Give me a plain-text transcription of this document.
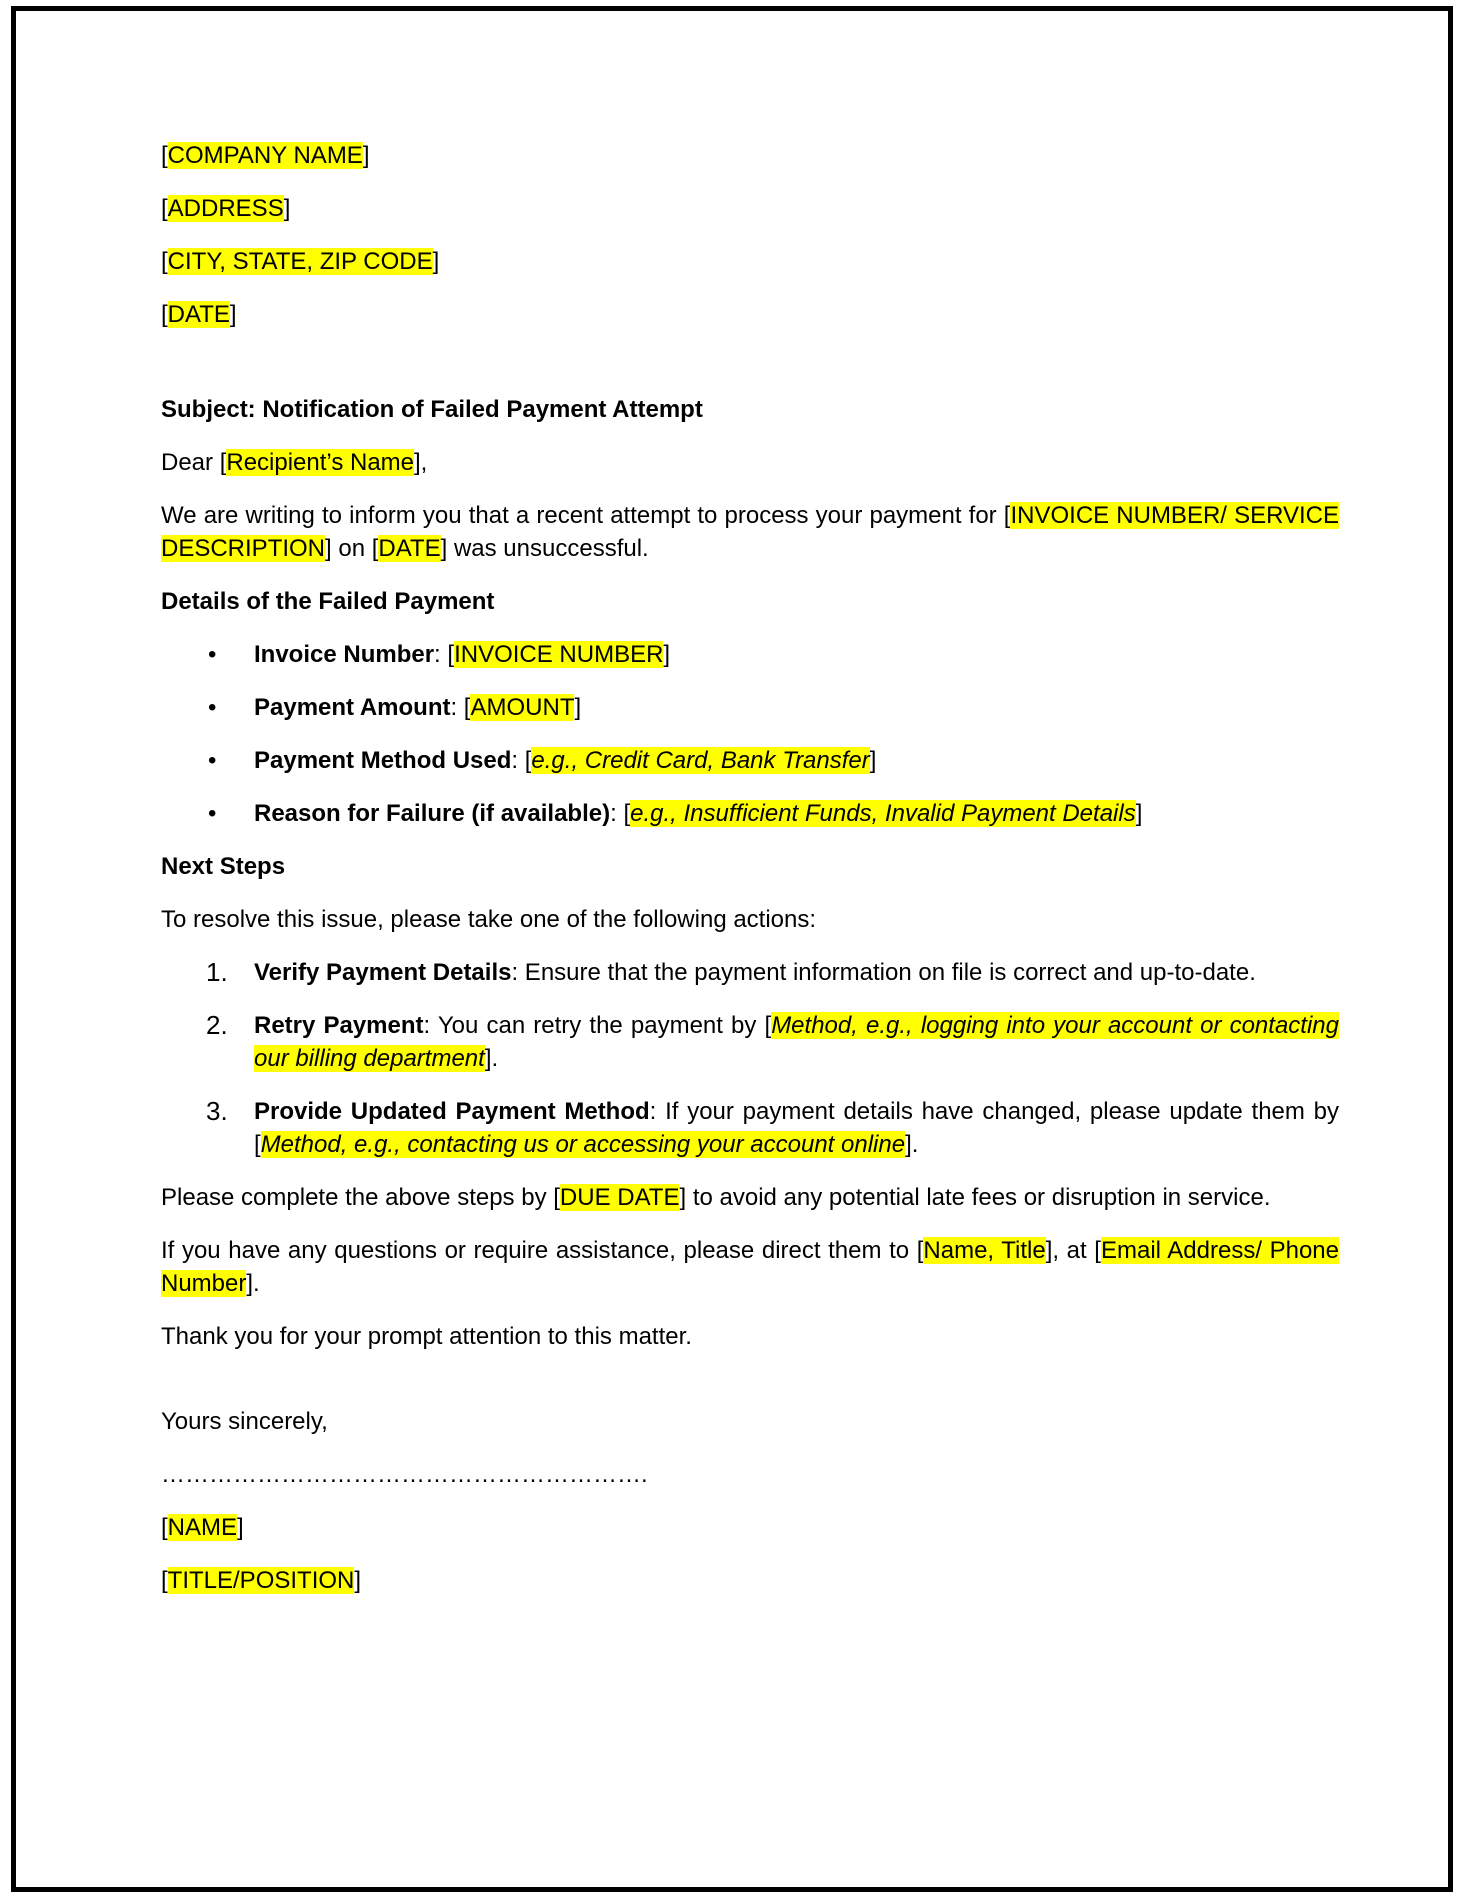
[COMPANY NAME]

[ADDRESS]

[CITY, STATE, ZIP CODE]

[DATE]

Subject: Notification of Failed Payment Attempt

Dear [Recipient’s Name],

We are writing to inform you that a recent attempt to process your payment for [INVOICE NUMBER/ SERVICE DESCRIPTION] on [DATE] was unsuccessful.

Details of the Failed Payment

• Invoice Number: [INVOICE NUMBER]
• Payment Amount: [AMOUNT]
• Payment Method Used: [e.g., Credit Card, Bank Transfer]
• Reason for Failure (if available): [e.g., Insufficient Funds, Invalid Payment Details]

Next Steps

To resolve this issue, please take one of the following actions:

1. Verify Payment Details: Ensure that the payment information on file is correct and up-to-date.
2. Retry Payment: You can retry the payment by [Method, e.g., logging into your account or contacting our billing department].
3. Provide Updated Payment Method: If your payment details have changed, please update them by [Method, e.g., contacting us or accessing your account online].

Please complete the above steps by [DUE DATE] to avoid any potential late fees or disruption in service.

If you have any questions or require assistance, please direct them to [Name, Title], at [Email Address/ Phone Number].

Thank you for your prompt attention to this matter.

Yours sincerely,

…………………………………………………….

[NAME]

[TITLE/POSITION]
